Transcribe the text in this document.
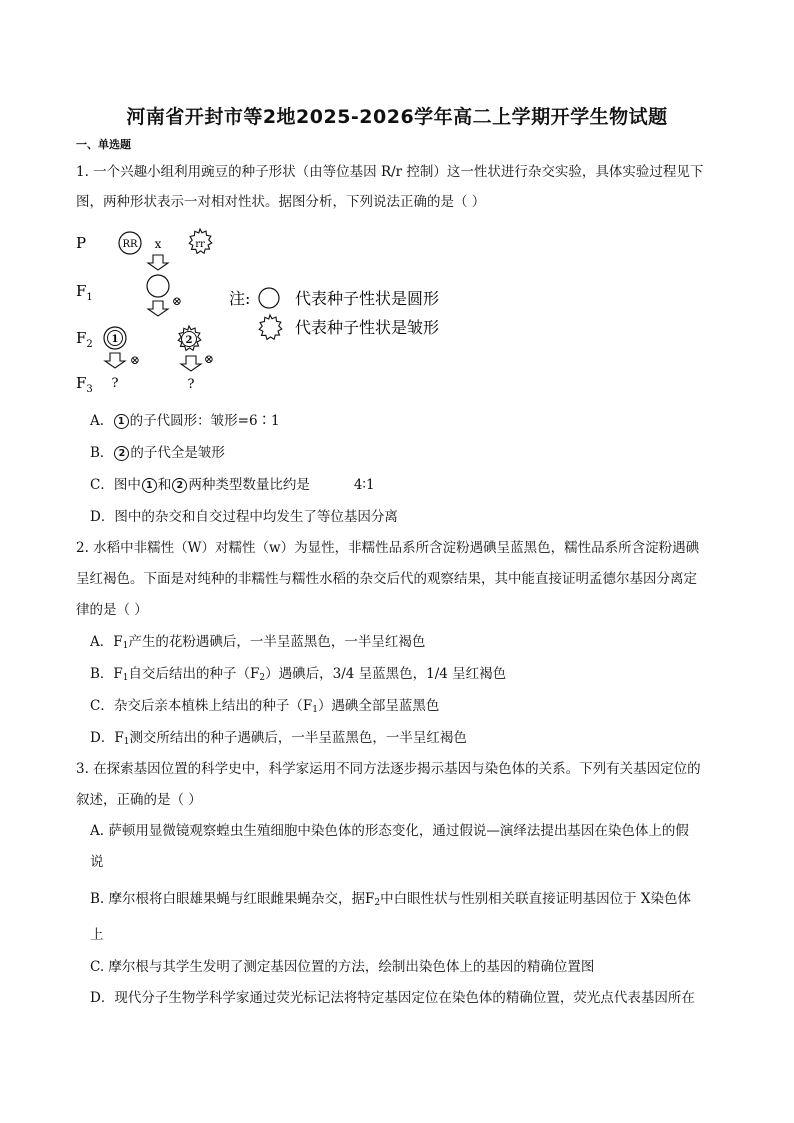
河南省开封市等2地2025-2026学年高二上学期开学生物试题
一、单选题
1. 一个兴趣小组利用豌豆的种子形状（由等位基因 R/r 控制）这一性状进行杂交实验，具体实验过程见下
图，两种形状表示一对相对性状。据图分析，下列说法正确的是（ ）
P
$F_1$
$F_2$
$F_3$
RR x	rr
⊗
1	2
⊗	⊗
?	?
注:	代表种子性状是圆形
代表种子性状是皱形
A. 1 的子代圆形：皱形=6∶1
B． 2 的子代全是皱形
C．图中 1 和 2 两种类型数量比约是	4∶1
D．图中的杂交和自交过程中均发生了等位基因分离
2. 水稻中非糯性（W）对糯性（w）为显性，非糯性品系所含淀粉遇碘呈蓝黑色，糯性品系所含淀粉遇碘
呈红褐色。下面是对纯种的非糯性与糯性水稻的杂交后代的观察结果，其中能直接证明孟德尔基因分离定
律的是（ ）
A．$F_1$产生的花粉遇碘后，一半呈蓝黑色，一半呈红褐色
B．$F_1$自交后结出的种子$(F_2)$遇碘后，3/4 呈蓝黑色，1/4 呈红褐色
C．杂交后亲本植株上结出的种子$(F_1)$遇碘全部呈蓝黑色
D．$F_1$测交所结出的种子遇碘后，一半呈蓝黑色，一半呈红褐色
3. 在探索基因位置的科学史中，科学家运用不同方法逐步揭示基因与染色体的关系。下列有关基因定位的
叙述，正确的是（ ）
A. 萨顿用显微镜观察蝗虫生殖细胞中染色体的形态变化，通过假说—演绎法提出基因在染色体上的假
说
B. 摩尔根将白眼雄果蝇与红眼雌果蝇杂交，据$F_2$中白眼性状与性别相关联直接证明基因位于 X染色体
上
C. 摩尔根与其学生发明了测定基因位置的方法，绘制出染色体上的基因的精确位置图
D．现代分子生物学科学家通过荧光标记法将特定基因定位在染色体的精确位置，荧光点代表基因所在
